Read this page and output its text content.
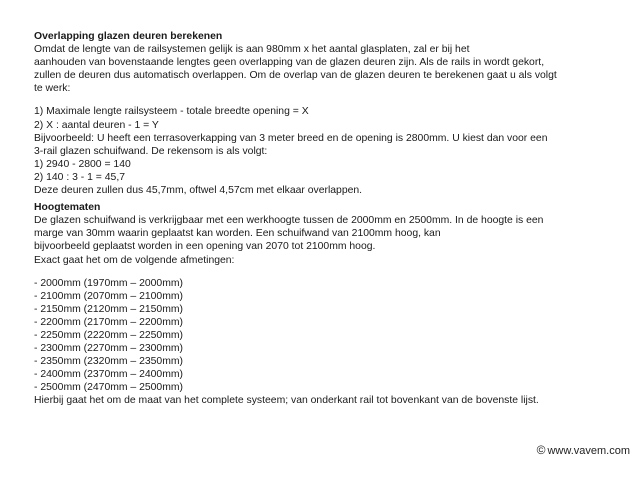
Overlapping glazen deuren berekenen
Omdat de lengte van de railsystemen gelijk is aan 980mm x het aantal glasplaten, zal er bij het
aanhouden van bovenstaande lengtes geen overlapping van de glazen deuren zijn. Als de rails in wordt gekort,
zullen de deuren dus automatisch overlappen. Om de overlap van de glazen deuren te berekenen gaat u als volgt
te werk:
1) Maximale lengte railsysteem - totale breedte opening = X
2) X : aantal deuren - 1 = Y
Bijvoorbeeld: U heeft een terrasoverkapping van 3 meter breed en de opening is 2800mm. U kiest dan voor een
3-rail glazen schuifwand. De rekensom is als volgt:
1) 2940 - 2800 = 140
2) 140 : 3 - 1 = 45,7
Deze deuren zullen dus 45,7mm, oftwel 4,57cm met elkaar overlappen.
Hoogtematen
De glazen schuifwand is verkrijgbaar met een werkhoogte tussen de 2000mm en 2500mm. In de hoogte is een
marge van 30mm waarin geplaatst kan worden. Een schuifwand van 2100mm hoog, kan
bijvoorbeeld geplaatst worden in een opening van 2070 tot 2100mm hoog.
Exact gaat het om de volgende afmetingen:
- 2000mm (1970mm – 2000mm)
- 2100mm (2070mm – 2100mm)
- 2150mm (2120mm – 2150mm)
- 2200mm (2170mm – 2200mm)
- 2250mm (2220mm – 2250mm)
- 2300mm (2270mm – 2300mm)
- 2350mm (2320mm – 2350mm)
- 2400mm (2370mm – 2400mm)
- 2500mm (2470mm – 2500mm)
Hierbij gaat het om de maat van het complete systeem; van onderkant rail tot bovenkant van de bovenste lijst.
© www.vavem.com
